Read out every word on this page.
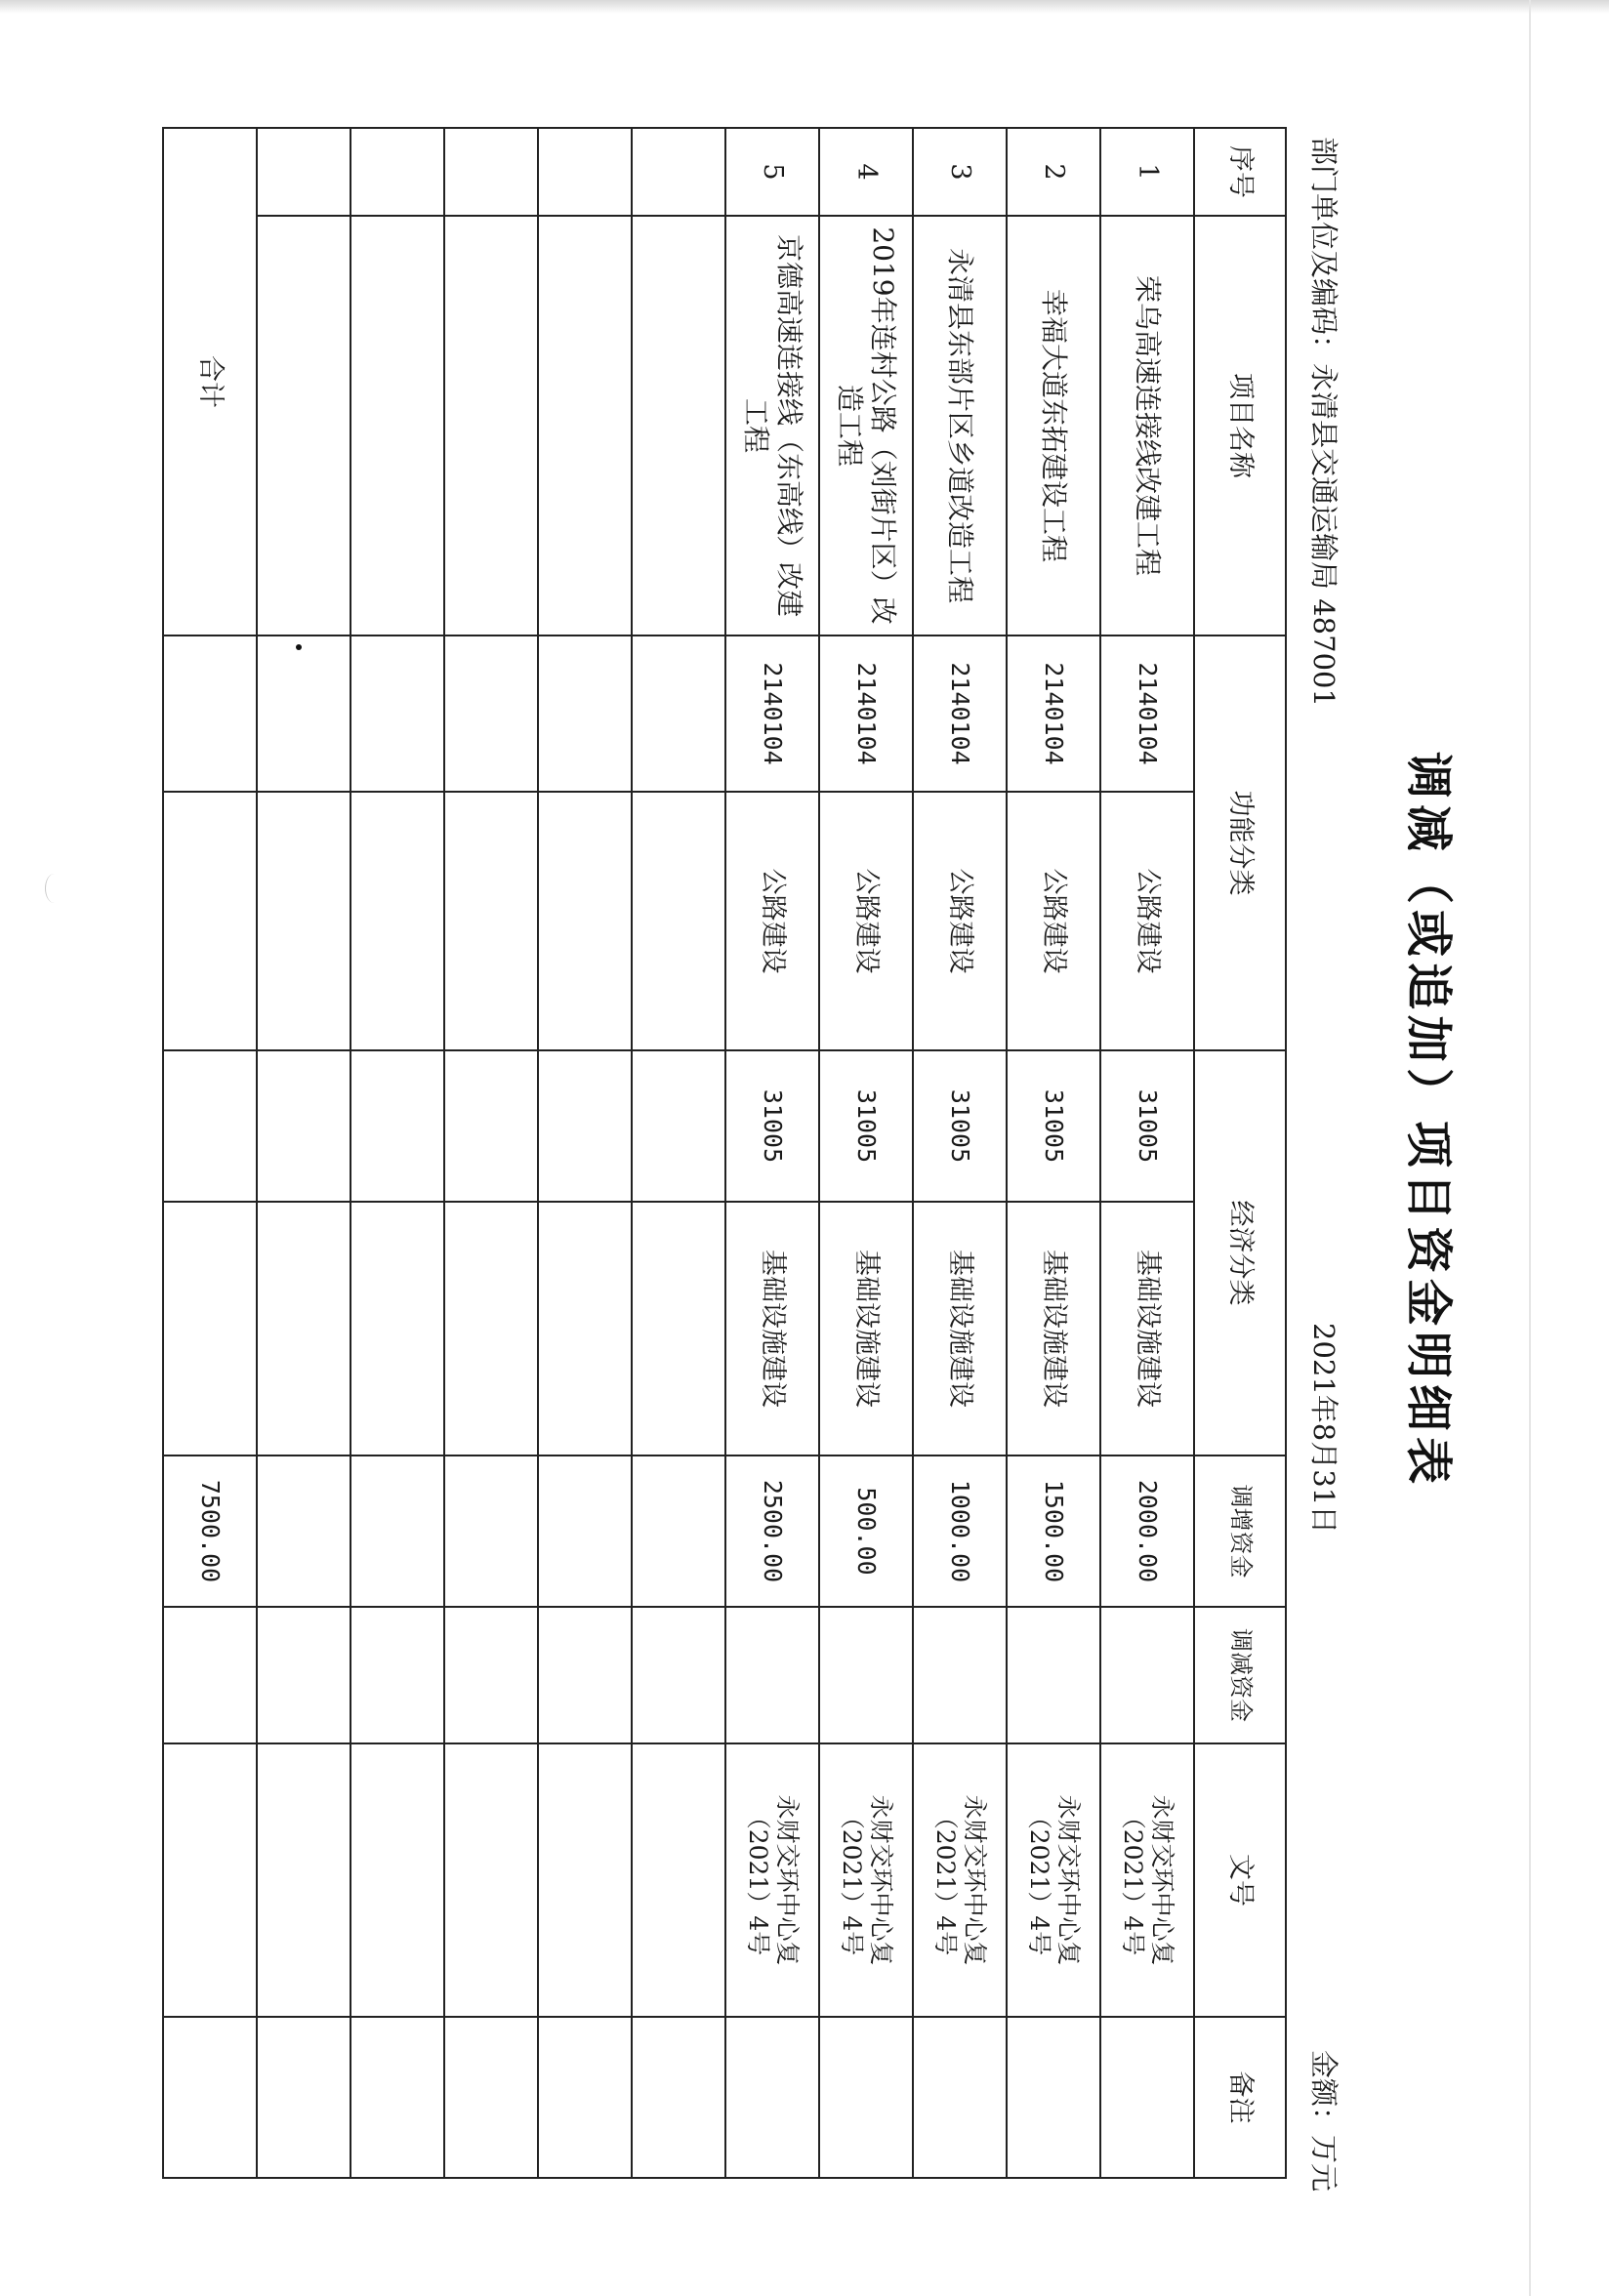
调减（或追加）项目资金明细表
部门单位及编码：永清县交通运输局 487001
2021年8月31日
金额：万元
序号	项目名称	功能分类		经济分类		调增资金	调减资金	文号	备注
1	荣乌高速连接线改建工程	2140104	公路建设	31005	基础设施建设	2000.00		永财交环中心复（2021）4号	
2	幸福大道东拓建设工程	2140104	公路建设	31005	基础设施建设	1500.00		永财交环中心复（2021）4号	
3	永清县东部片区乡道改造工程	2140104	公路建设	31005	基础设施建设	1000.00		永财交环中心复（2021）4号	
4	2019年连村公路（刘街片区）改造工程	2140104	公路建设	31005	基础设施建设	500.00		永财交环中心复（2021）4号	
5	京德高速连接线（东高线）改建工程	2140104	公路建设	31005	基础设施建设	2500.00		永财交环中心复（2021）4号	

合计						7500.00			
